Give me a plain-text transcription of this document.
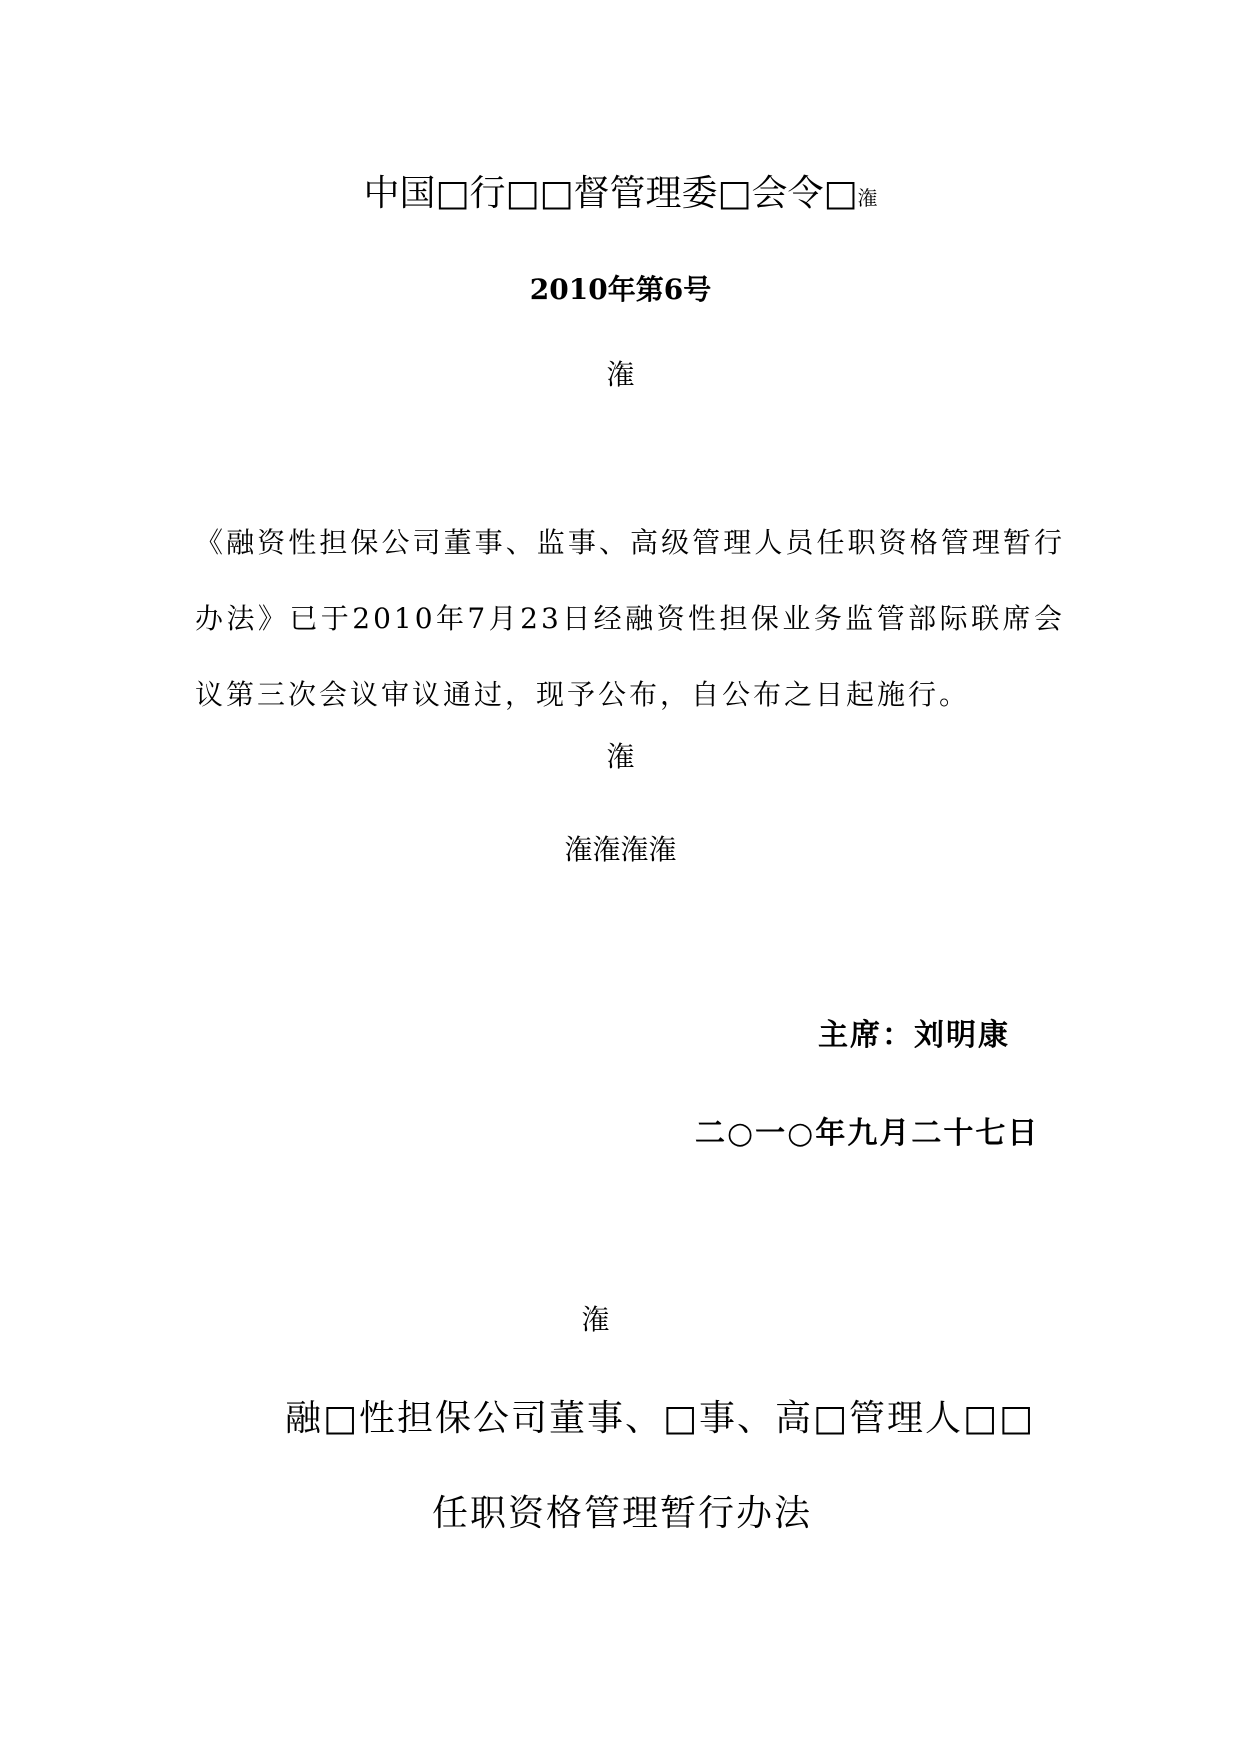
中国□行□□督管理委□会令□潅
2010年第6号
潅
《融资性担保公司董事、监事、高级管理人员任职资格管理暂行办法》已于2010年7月23日经融资性担保业务监管部际联席会议第三次会议审议通过，现予公布，自公布之日起施行。
潅
潅潅潅潅
主席：刘明康
二○一○年九月二十七日
潅
融□性担保公司董事、□事、高□管理人□□
任职资格管理暂行办法
